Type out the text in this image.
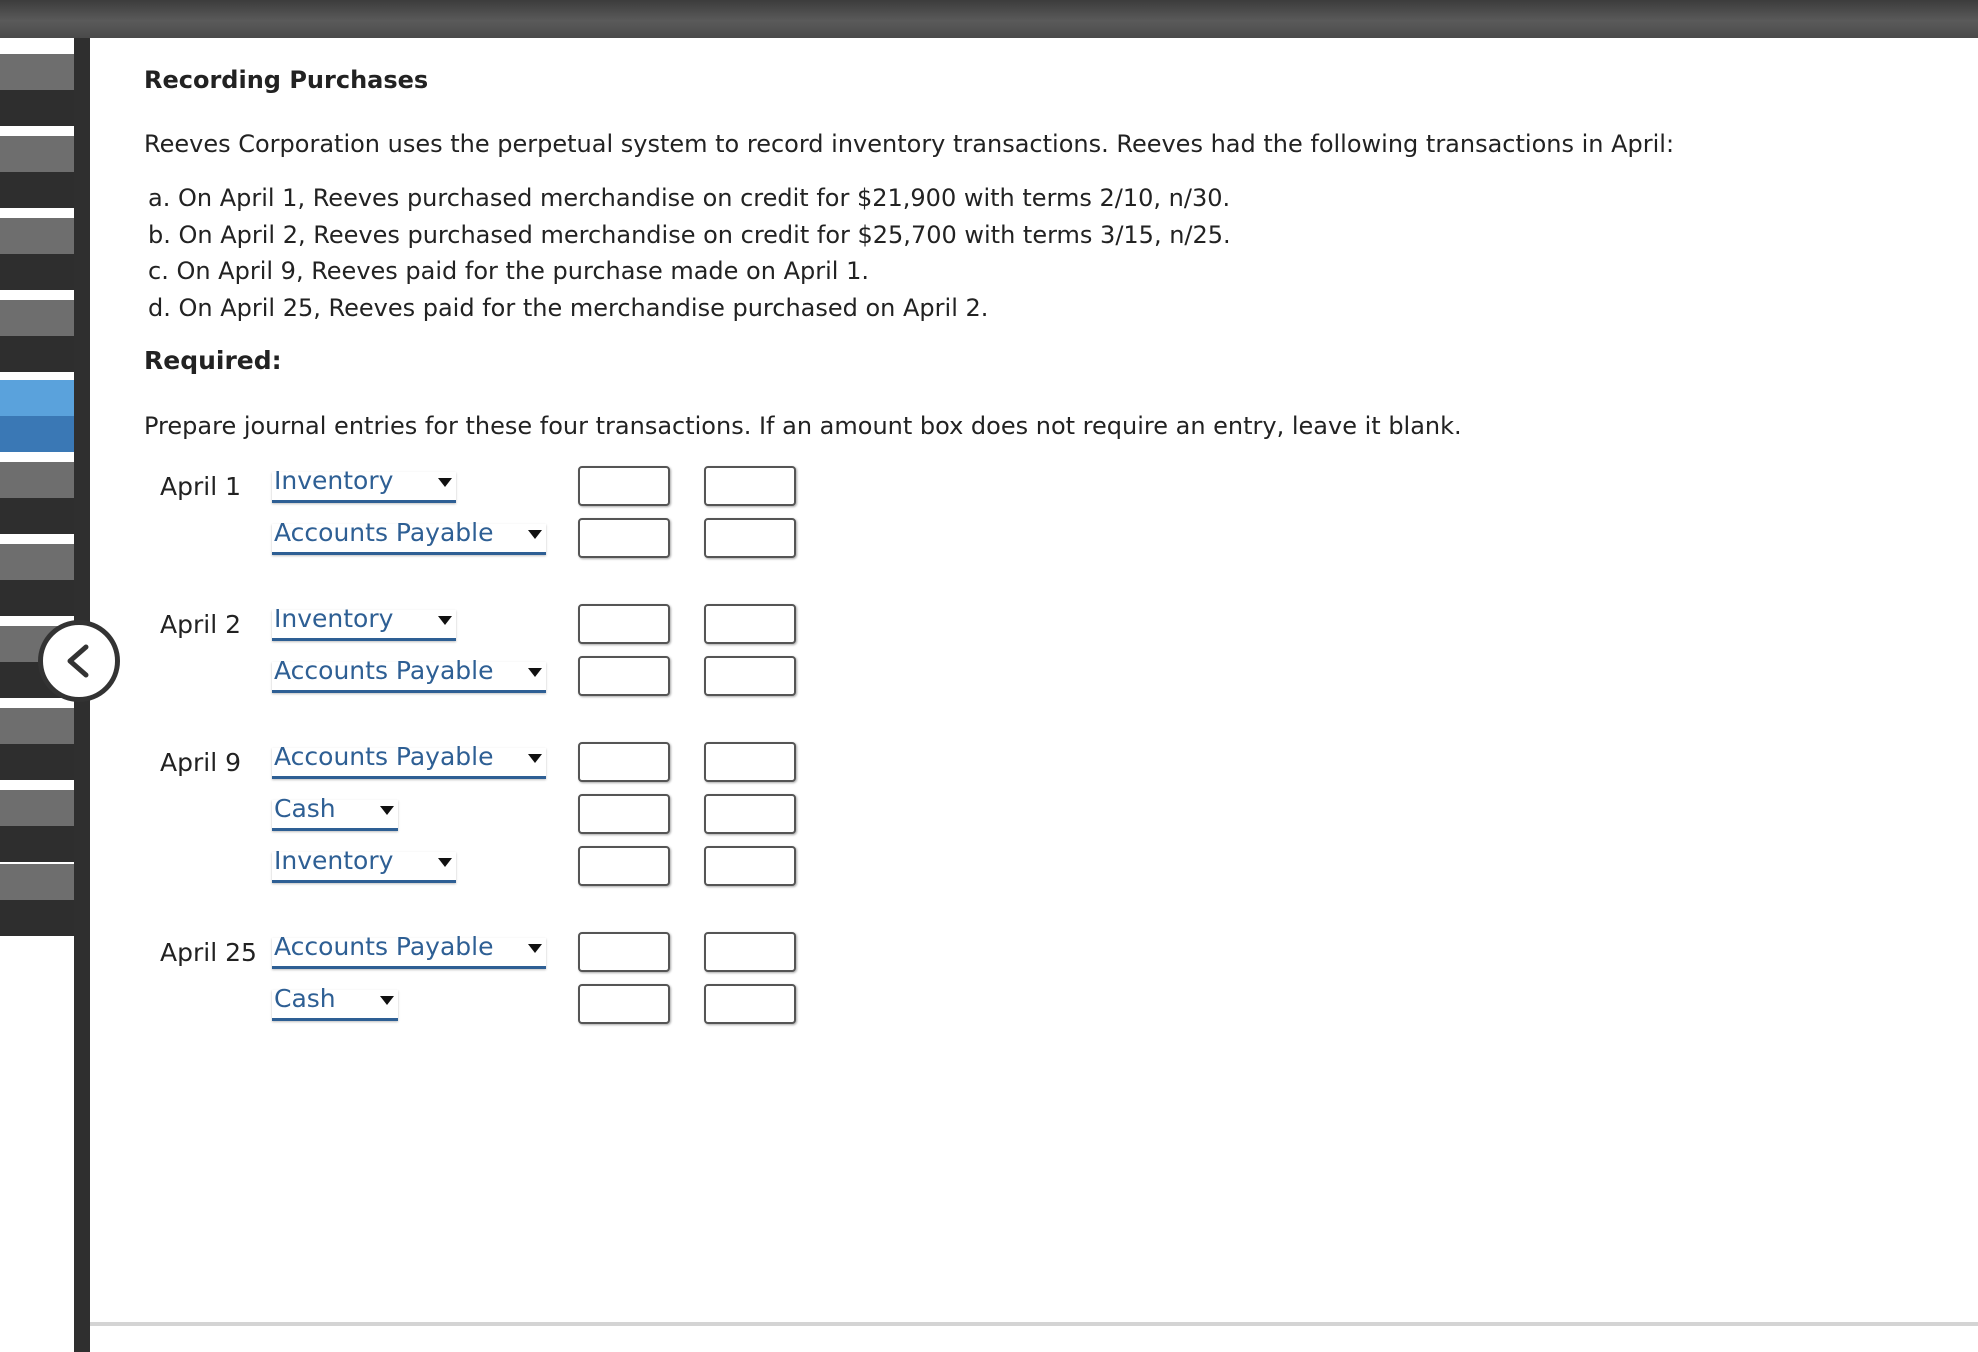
Recording Purchases
Reeves Corporation uses the perpetual system to record inventory transactions. Reeves had the following transactions in April:
a. On April 1, Reeves purchased merchandise on credit for $21,900 with terms 2/10, n/30.
b. On April 2, Reeves purchased merchandise on credit for $25,700 with terms 3/15, n/25.
c. On April 9, Reeves paid for the purchase made on April 1.
d. On April 25, Reeves paid for the merchandise purchased on April 2.
Required:
Prepare journal entries for these four transactions. If an amount box does not require an entry, leave it blank.
April 1 Inventory
Accounts Payable
April 2 Inventory
Accounts Payable
April 9 Accounts Payable
Cash
Inventory
April 25 Accounts Payable
Cash
